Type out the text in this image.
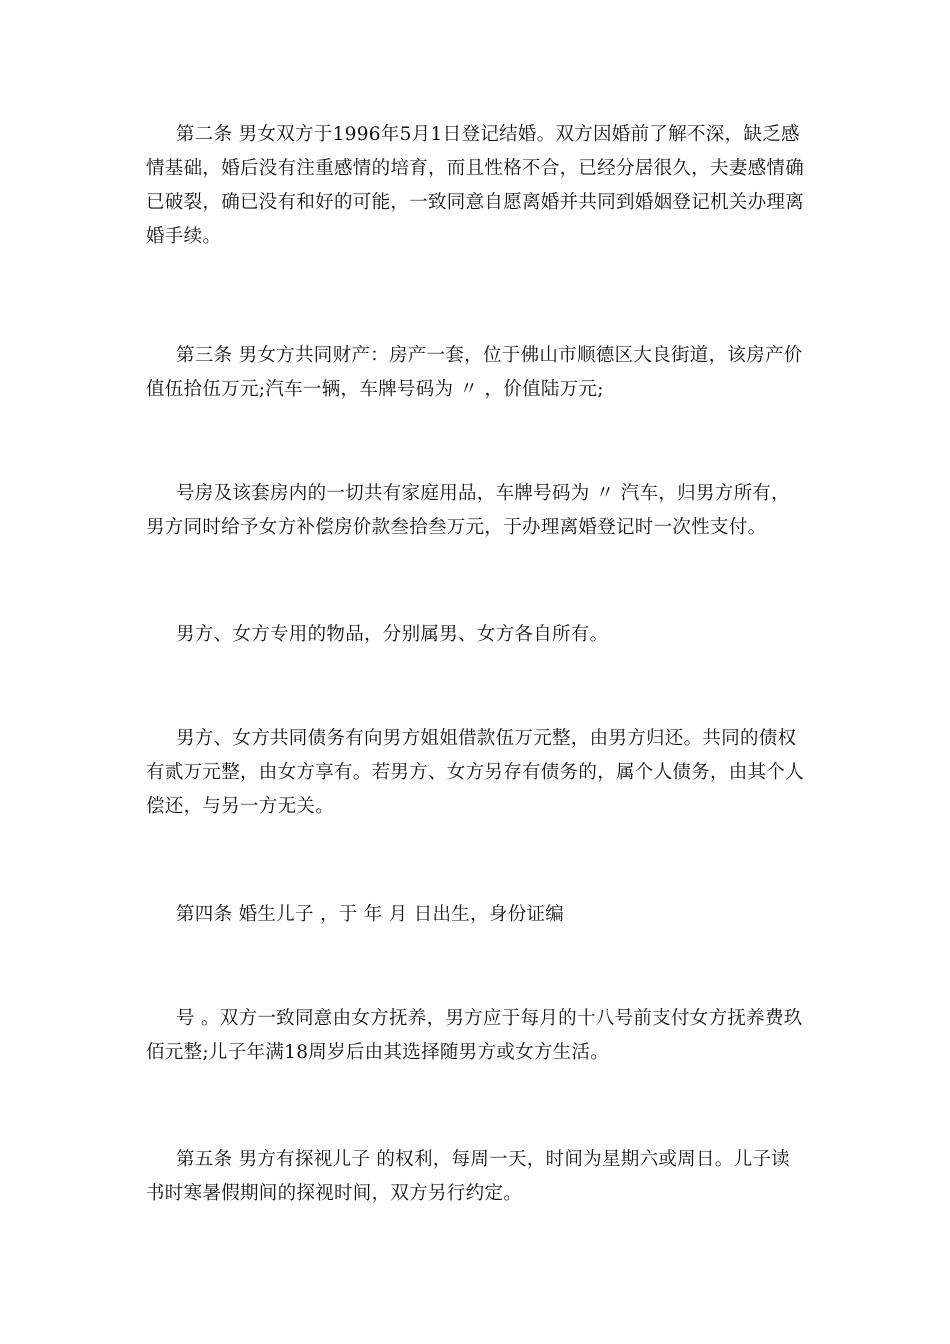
第二条 男女双方于1996年5月1日登记结婚。双方因婚前了解不深，缺乏感情基础，婚后没有注重感情的培育，而且性格不合，已经分居很久，夫妻感情确已破裂，确已没有和好的可能，一致同意自愿离婚并共同到婚姻登记机关办理离婚手续。

第三条 男女方共同财产：房产一套，位于佛山市顺德区大良街道，该房产价值伍拾伍万元;汽车一辆，车牌号码为 〃 ，价值陆万元;

号房及该套房内的一切共有家庭用品，车牌号码为 〃 汽车，归男方所有，男方同时给予女方补偿房价款叁拾叁万元，于办理离婚登记时一次性支付。

男方、女方专用的物品，分别属男、女方各自所有。

男方、女方共同债务有向男方姐姐借款伍万元整，由男方归还。共同的债权有贰万元整，由女方享有。若男方、女方另存有债务的，属个人债务，由其个人偿还，与另一方无关。

第四条 婚生儿子 ，于 年 月 日出生，身份证编

号 。双方一致同意由女方抚养，男方应于每月的十八号前支付女方抚养费玖佰元整;儿子年满18周岁后由其选择随男方或女方生活。

第五条 男方有探视儿子 的权利，每周一天，时间为星期六或周日。儿子读书时寒暑假期间的探视时间，双方另行约定。
